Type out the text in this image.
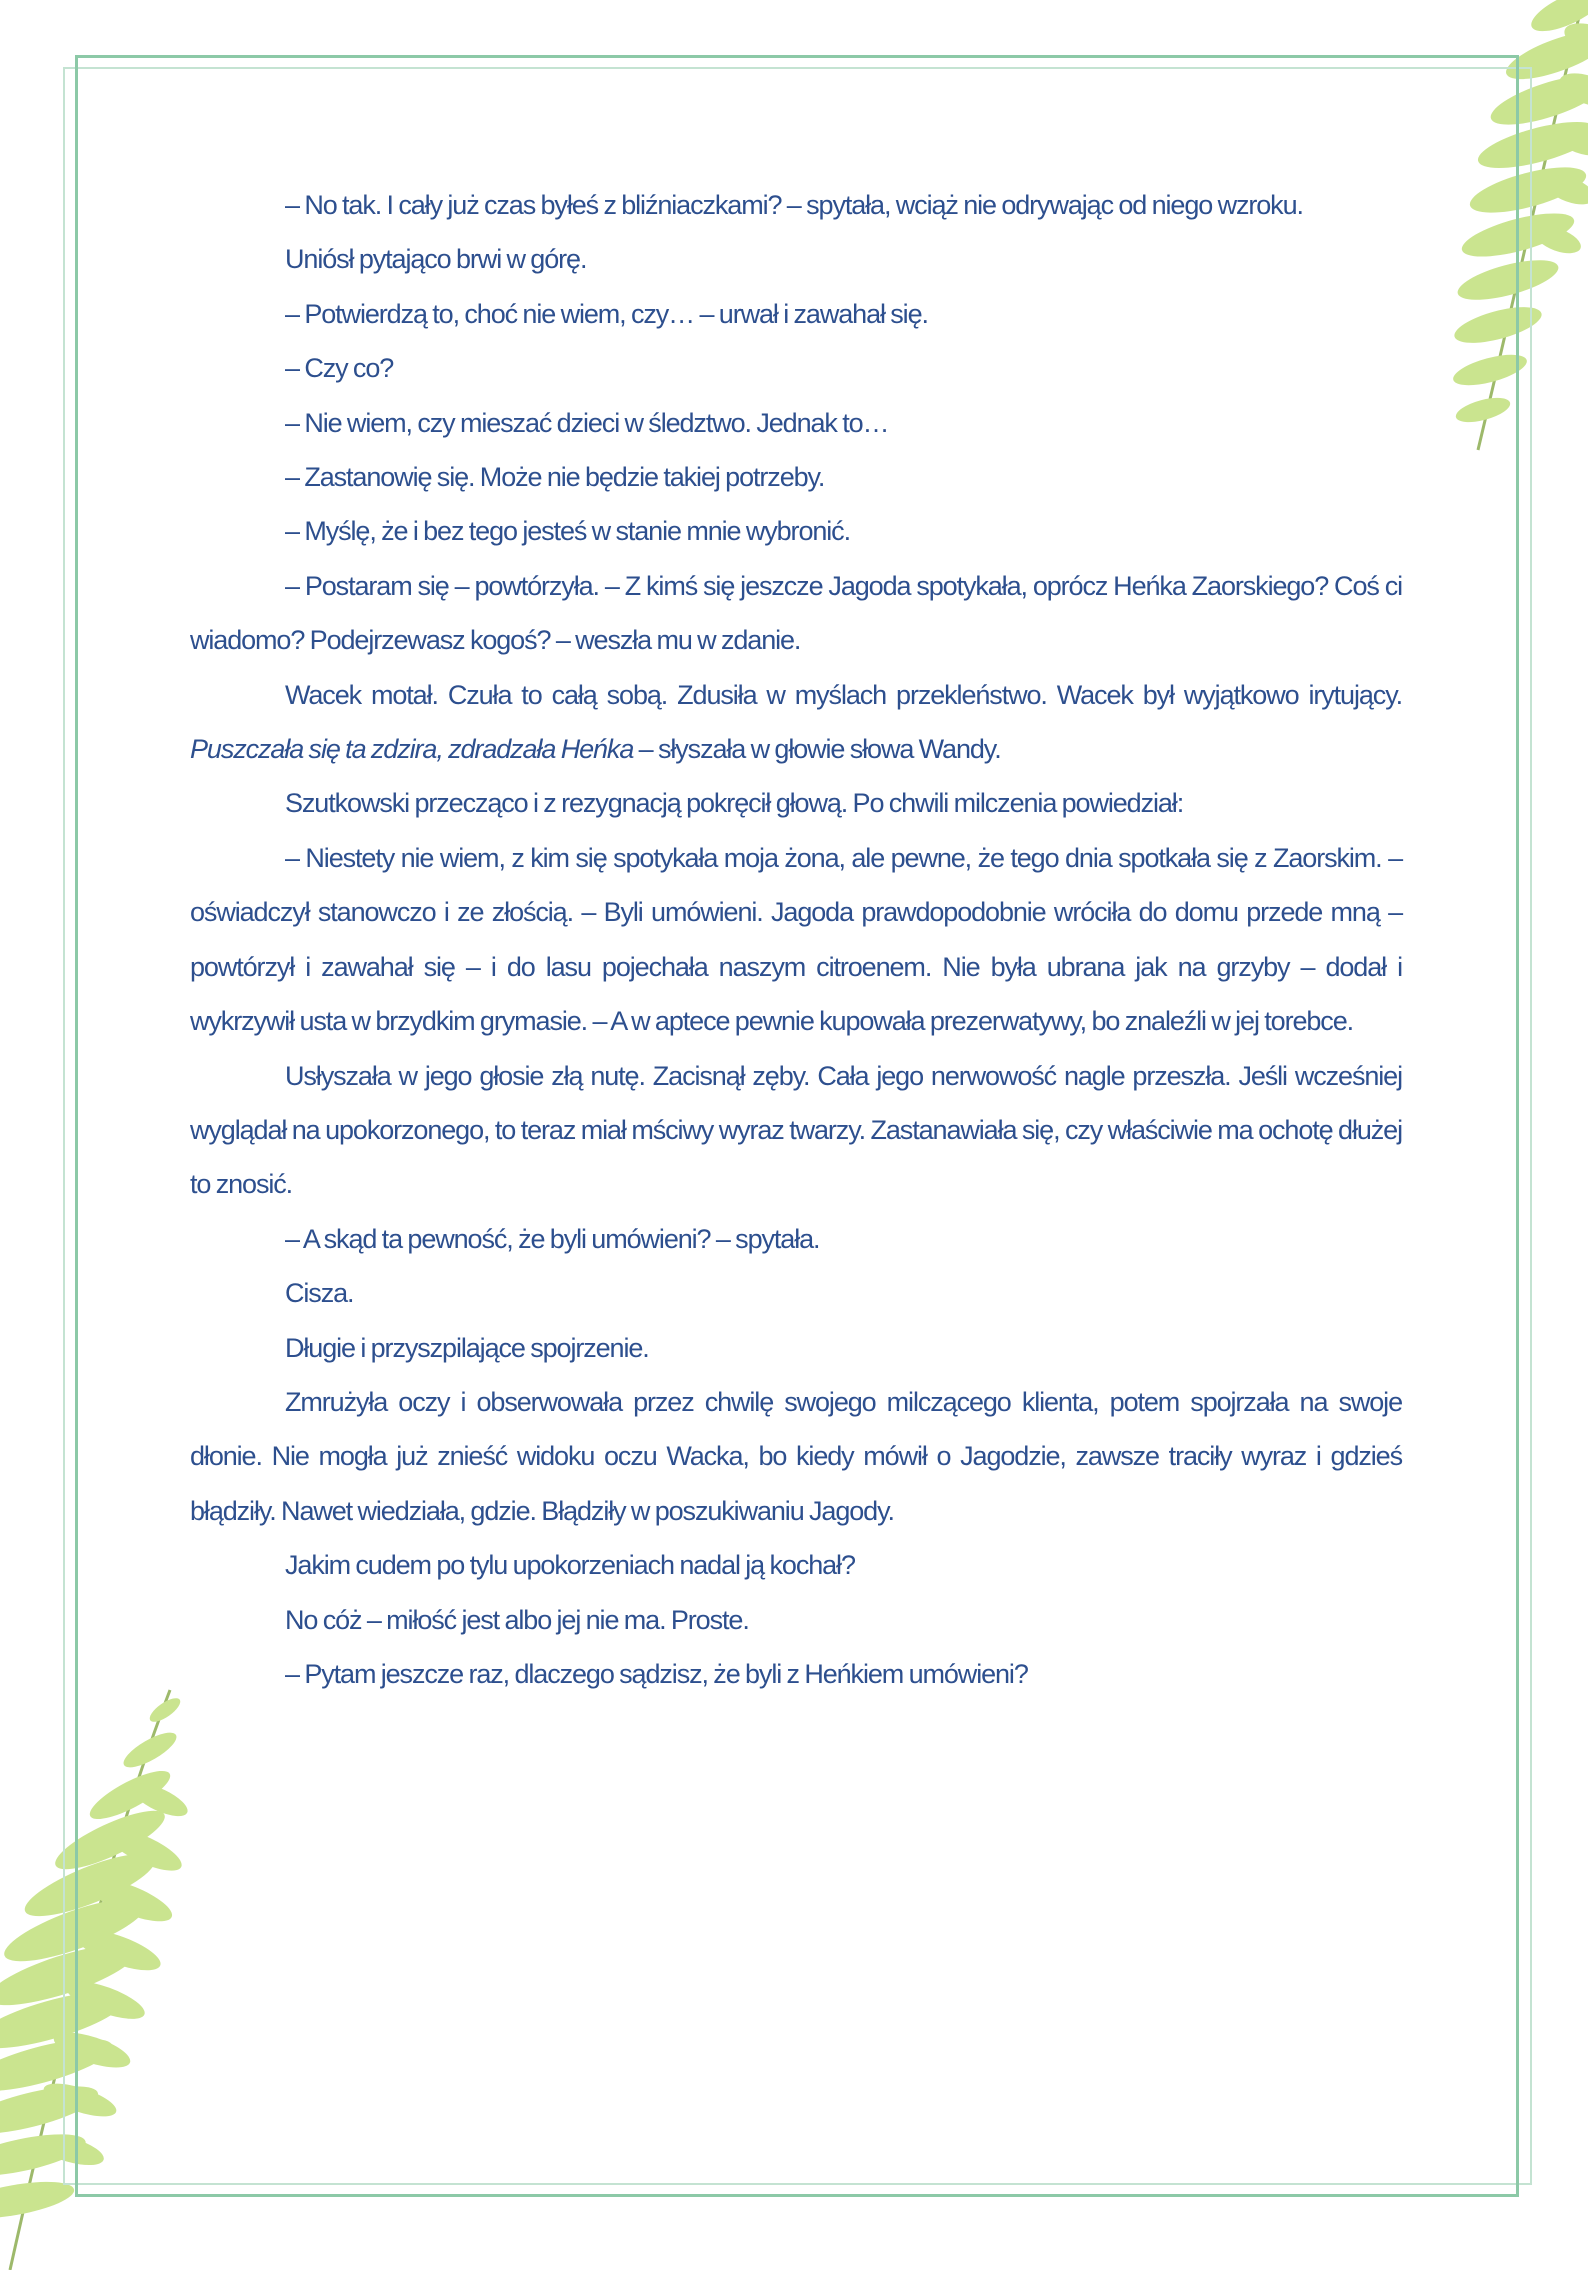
– No tak. I cały już czas byłeś z bliźniaczkami? – spytała, wciąż nie odrywając od niego wzroku.

Uniósł pytająco brwi w górę.

– Potwierdzą to, choć nie wiem, czy… – urwał i zawahał się.

– Czy co?

– Nie wiem, czy mieszać dzieci w śledztwo. Jednak to…

– Zastanowię się. Może nie będzie takiej potrzeby.

– Myślę, że i bez tego jesteś w stanie mnie wybronić.

– Postaram się – powtórzyła. – Z kimś się jeszcze Jagoda spotykała, oprócz Heńka Zaorskiego? Coś ci wiadomo? Podejrzewasz kogoś? – weszła mu w zdanie.

Wacek motał. Czuła to całą sobą. Zdusiła w myślach przekleństwo. Wacek był wyjątkowo irytujący. Puszczała się ta zdzira, zdradzała Heńka – słyszała w głowie słowa Wandy.

Szutkowski przecząco i z rezygnacją pokręcił głową. Po chwili milczenia powiedział:

– Niestety nie wiem, z kim się spotykała moja żona, ale pewne, że tego dnia spotkała się z Zaorskim. – oświadczył stanowczo i ze złością. – Byli umówieni. Jagoda prawdopodobnie wróciła do domu przede mną – powtórzył i zawahał się – i do lasu pojechała naszym citroenem. Nie była ubrana jak na grzyby – dodał i wykrzywił usta w brzydkim grymasie. – A w aptece pewnie kupowała prezerwatywy, bo znaleźli w jej torebce.

Usłyszała w jego głosie złą nutę. Zacisnął zęby. Cała jego nerwowość nagle przeszła. Jeśli wcześniej wyglądał na upokorzonego, to teraz miał mściwy wyraz twarzy. Zastanawiała się, czy właściwie ma ochotę dłużej to znosić.

– A skąd ta pewność, że byli umówieni? – spytała.

Cisza.

Długie i przyszpilające spojrzenie.

Zmrużyła oczy i obserwowała przez chwilę swojego milczącego klienta, potem spojrzała na swoje dłonie. Nie mogła już znieść widoku oczu Wacka, bo kiedy mówił o Jagodzie, zawsze traciły wyraz i gdzieś błądziły. Nawet wiedziała, gdzie. Błądziły w poszukiwaniu Jagody.

Jakim cudem po tylu upokorzeniach nadal ją kochał?

No cóż – miłość jest albo jej nie ma. Proste.

– Pytam jeszcze raz, dlaczego sądzisz, że byli z Heńkiem umówieni?
